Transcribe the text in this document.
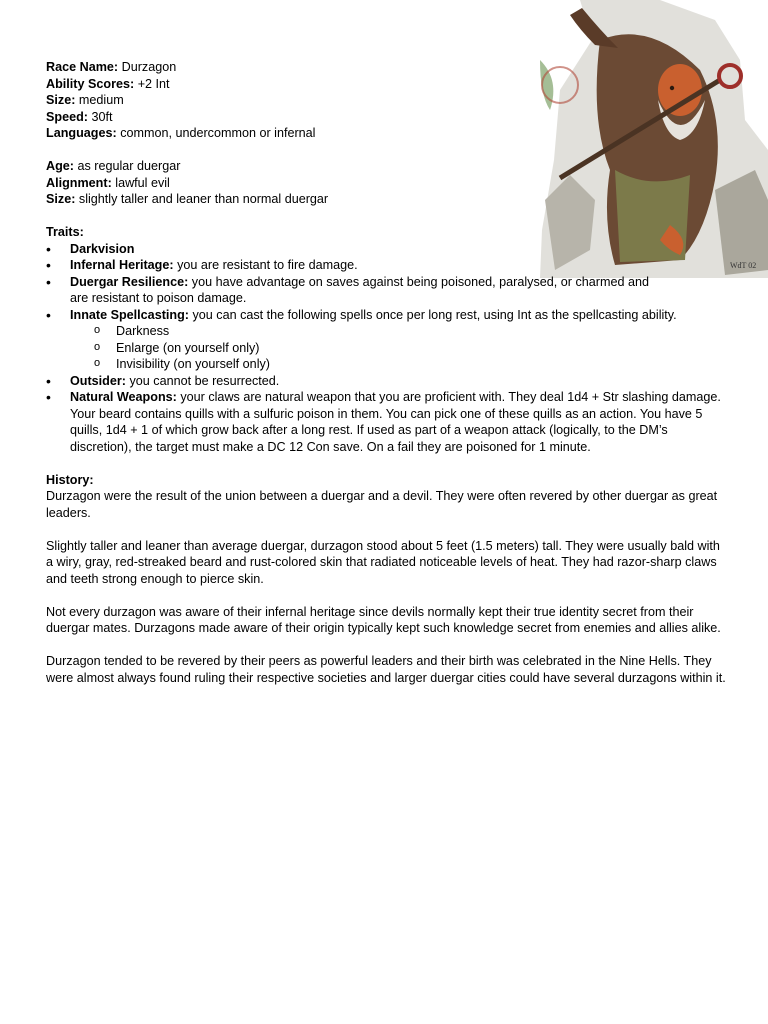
WdT 02
Race Name: Durzagon
Ability Scores: +2 Int
Size: medium
Speed: 30ft
Languages: common, undercommon or infernal
Age: as regular duergar
Alignment: lawful evil
Size: slightly taller and leaner than normal duergar
Traits:
• Darkvision
• Infernal Heritage: you are resistant to fire damage.
• Duergar Resilience: you have advantage on saves against being poisoned, paralysed, or charmed and are resistant to poison damage.
• Innate Spellcasting: you can cast the following spells once per long rest, using Int as the spellcasting ability.
o Darkness
o Enlarge (on yourself only)
o Invisibility (on yourself only)
• Outsider: you cannot be resurrected.
• Natural Weapons: your claws are natural weapon that you are proficient with. They deal 1d4 + Str slashing damage. Your beard contains quills with a sulfuric poison in them. You can pick one of these quills as an action. You have 5 quills, 1d4 + 1 of which grow back after a long rest. If used as part of a weapon attack (logically, to the DM’s discretion), the target must make a DC 12 Con save. On a fail they are poisoned for 1 minute.
History:

Durzagon were the result of the union between a duergar and a devil. They were often revered by other duergar as great leaders.

Slightly taller and leaner than average duergar, durzagon stood about 5 feet (1.5 meters) tall. They were usually bald with a wiry, gray, red-streaked beard and rust-colored skin that radiated noticeable levels of heat. They had razor-sharp claws and teeth strong enough to pierce skin.

Not every durzagon was aware of their infernal heritage since devils normally kept their true identity secret from their duergar mates. Durzagons made aware of their origin typically kept such knowledge secret from enemies and allies alike.

Durzagon tended to be revered by their peers as powerful leaders and their birth was celebrated in the Nine Hells. They were almost always found ruling their respective societies and larger duergar cities could have several durzagons within it.
